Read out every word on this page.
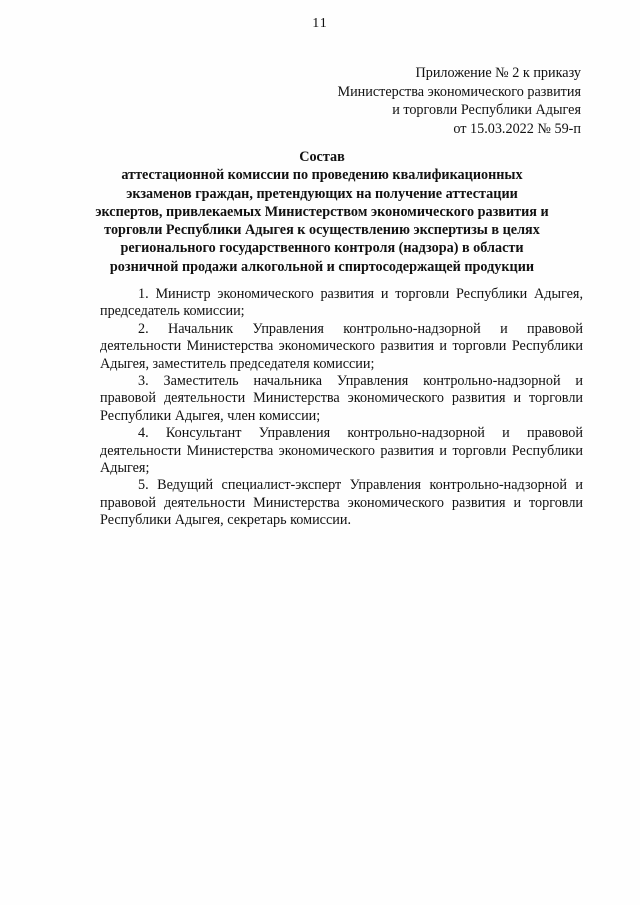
11
Приложение № 2 к приказу
Министерства экономического развития
и торговли Республики Адыгея
от 15.03.2022 № 59-п
Состав
аттестационной комиссии по проведению квалификационных
экзаменов граждан, претендующих на получение аттестации
экспертов, привлекаемых Министерством экономического развития и
торговли Республики Адыгея к осуществлению экспертизы в целях
регионального государственного контроля (надзора) в области
розничной продажи алкогольной и спиртосодержащей продукции

1. Министр экономического развития и торговли Республики Адыгея, председатель комиссии;

2. Начальник Управления контрольно-надзорной и правовой деятельности Министерства экономического развития и торговли Республики Адыгея, заместитель председателя комиссии;

3. Заместитель начальника Управления контрольно-надзорной и правовой деятельности Министерства экономического развития и торговли Республики Адыгея, член комиссии;

4. Консультант Управления контрольно-надзорной и правовой деятельности Министерства экономического развития и торговли Республики Адыгея;

5. Ведущий специалист-эксперт Управления контрольно-надзорной и правовой деятельности Министерства экономического развития и торговли Республики Адыгея, секретарь комиссии.
